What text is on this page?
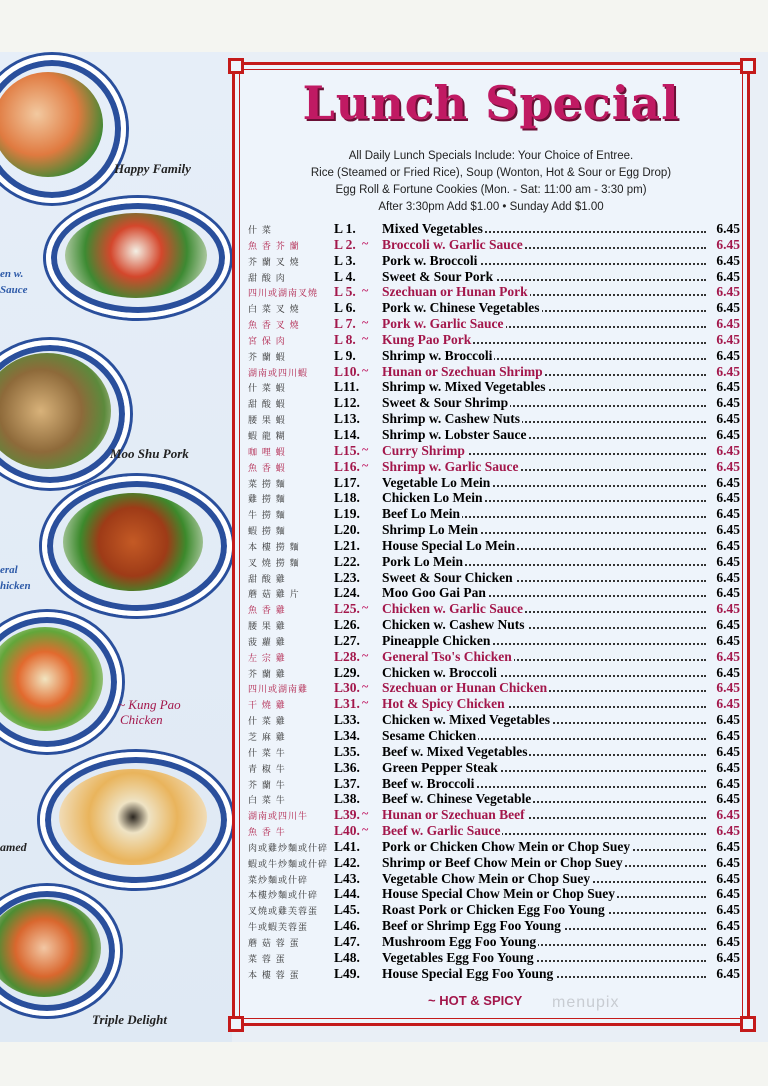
Happy Family
en w.
Sauce
Moo Shu Pork
eral
hicken
~ Kung Pao
Chicken
amed
Triple Delight
Lunch Special
All Daily Lunch Specials Include: Your Choice of Entree.
Rice (Steamed or Fried Rice), Soup (Wonton, Hot & Sour or Egg Drop)
Egg Roll & Fortune Cookies (Mon. - Sat: 11:00 am - 3:30 pm)
After 3:30pm Add $1.00 • Sunday Add $1.00
什 菜	L 1. Mixed Vegetables	6.45
魚 香 芥 蘭	L 2. ~ Broccoli w. Garlic Sauce	6.45
芥 蘭 叉 燒	L 3. Pork w. Broccoli	6.45
甜 酸 肉	L 4. Sweet & Sour Pork	6.45
四川或湖南叉燒	L 5. ~ Szechuan or Hunan Pork	6.45
白 菜 叉 燒	L 6. Pork w. Chinese Vegetables	6.45
魚 香 叉 燒	L 7. ~ Pork w. Garlic Sauce	6.45
宮 保 肉	L 8. ~ Kung Pao Pork	6.45
芥 蘭 蝦	L 9. Shrimp w. Broccoli	6.45
湖南或四川蝦	L10. ~ Hunan or Szechuan Shrimp	6.45
什 菜 蝦	L11. Shrimp w. Mixed Vegetables	6.45
甜 酸 蝦	L12. Sweet & Sour Shrimp	6.45
腰 果 蝦	L13. Shrimp w. Cashew Nuts	6.45
蝦 龍 糊	L14. Shrimp w. Lobster Sauce	6.45
咖 哩 蝦	L15. ~ Curry Shrimp	6.45
魚 香 蝦	L16. ~ Shrimp w. Garlic Sauce	6.45
菜 撈 麵	L17. Vegetable Lo Mein	6.45
雞 撈 麵	L18. Chicken Lo Mein	6.45
牛 撈 麵	L19. Beef Lo Mein	6.45
蝦 撈 麵	L20. Shrimp Lo Mein	6.45
本 樓 撈 麵	L21. House Special Lo Mein	6.45
叉 燒 撈 麵	L22. Pork Lo Mein	6.45
甜 酸 雞	L23. Sweet & Sour Chicken	6.45
蘑 菇 雞 片	L24. Moo Goo Gai Pan	6.45
魚 香 雞	L25. ~ Chicken w. Garlic Sauce	6.45
腰 果 雞	L26. Chicken w. Cashew Nuts	6.45
菠 蘿 雞	L27. Pineapple Chicken	6.45
左 宗 雞	L28. ~ General Tso's Chicken	6.45
芥 蘭 雞	L29. Chicken w. Broccoli	6.45
四川或湖南雞	L30. ~ Szechuan or Hunan Chicken	6.45
干 燒 雞	L31. ~ Hot & Spicy Chicken	6.45
什 菜 雞	L33. Chicken w. Mixed Vegetables	6.45
芝 麻 雞	L34. Sesame Chicken	6.45
什 菜 牛	L35. Beef w. Mixed Vegetables	6.45
青 椒 牛	L36. Green Pepper Steak	6.45
芥 蘭 牛	L37. Beef w. Broccoli	6.45
白 菜 牛	L38. Beef w. Chinese Vegetable	6.45
湖南或四川牛	L39. ~ Hunan or Szechuan Beef	6.45
魚 香 牛	L40. ~ Beef w. Garlic Sauce	6.45
肉或雞炒麵或什碎 L41. Pork or Chicken Chow Mein or Chop Suey	6.45
蝦或牛炒麵或什碎 L42. Shrimp or Beef Chow Mein or Chop Suey	6.45
菜炒麵或什碎	L43. Vegetable Chow Mein or Chop Suey	6.45
本樓炒麵或什碎	L44. House Special Chow Mein or Chop Suey	6.45
叉燒或雞芙蓉蛋	L45. Roast Pork or Chicken Egg Foo Young	6.45
牛或蝦芙蓉蛋	L46. Beef or Shrimp Egg Foo Young	6.45
蘑 菇 蓉 蛋	L47. Mushroom Egg Foo Young	6.45
菜 蓉 蛋	L48. Vegetables Egg Foo Young	6.45
本 樓 蓉 蛋	L49. House Special Egg Foo Young	6.45
~ HOT & SPICY menupix
